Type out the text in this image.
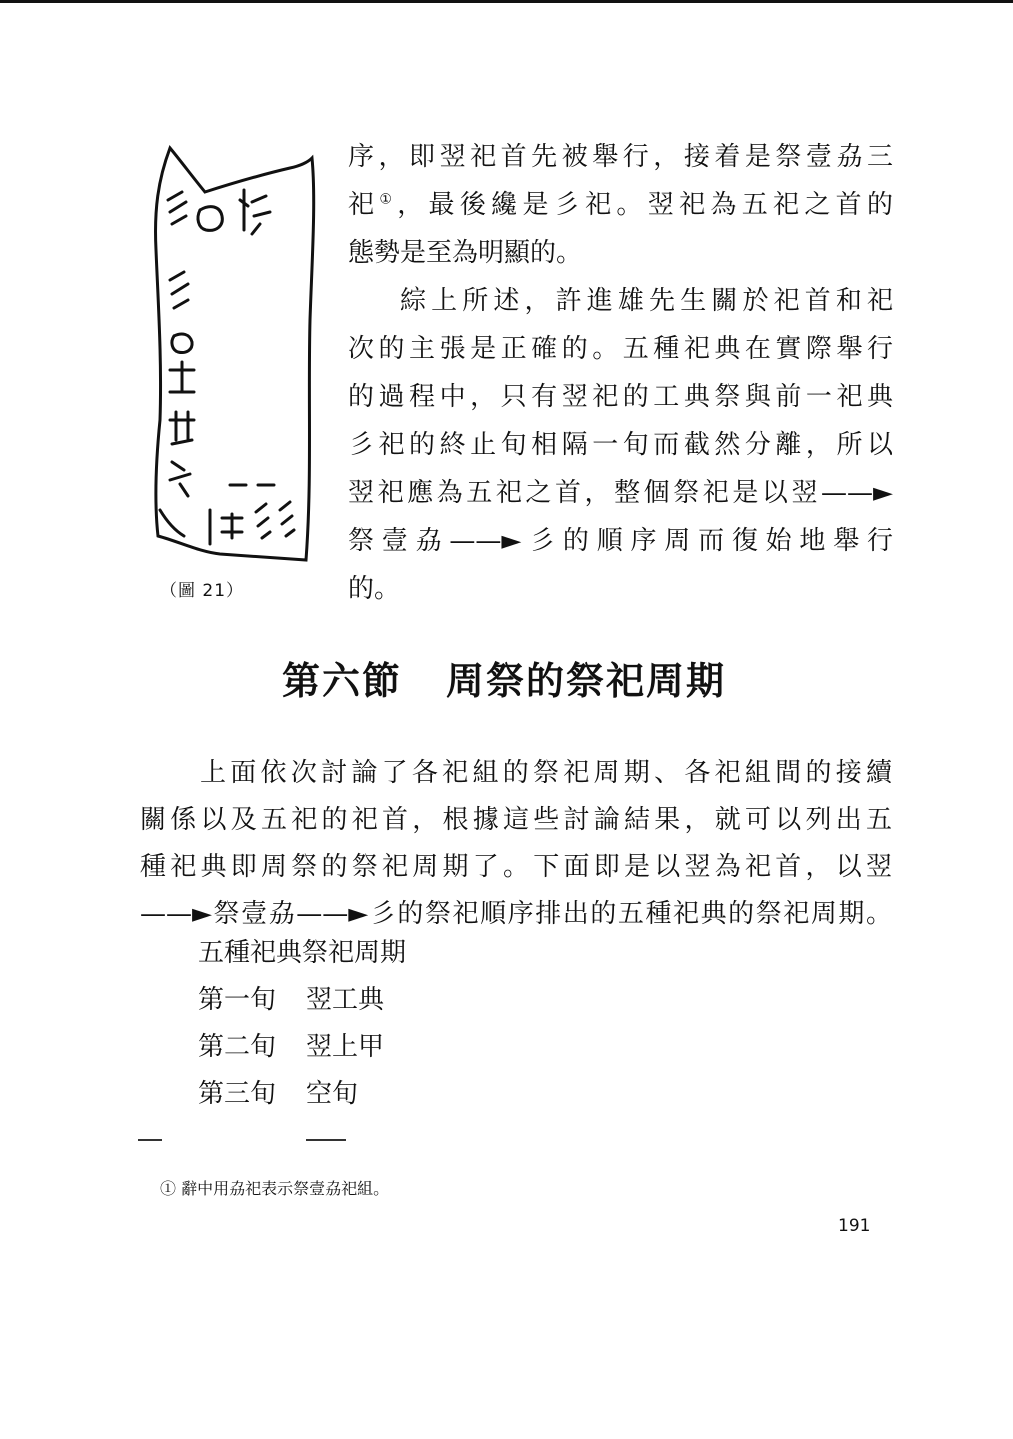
（圖 21）
序，即翌祀首先被舉行，接着是祭壹劦三
祀①，最後纔是彡祀。翌祀為五祀之首的
態勢是至為明顯的。
綜上所述，許進雄先生關於祀首和祀
次的主張是正確的。五種祀典在實際舉行
的過程中，只有翌祀的工典祭與前一祀典
彡祀的終止旬相隔一旬而截然分離，所以
翌祀應為五祀之首，整個祭祀是以翌——►
祭壹劦——►彡的順序周而復始地舉行
的。
第六節 周祭的祭祀周期
上面依次討論了各祀組的祭祀周期、各祀組間的接續
關係以及五祀的祀首，根據這些討論結果，就可以列出五
種祀典即周祭的祭祀周期了。下面即是以翌為祀首，以翌
——►祭壹劦——►彡的祭祀順序排出的五種祀典的祭祀周期。
五種祀典祭祀周期
第一旬 翌工典
第二旬 翌上甲
第三旬 空旬
① 辭中用劦祀表示祭壹劦祀組。
191
